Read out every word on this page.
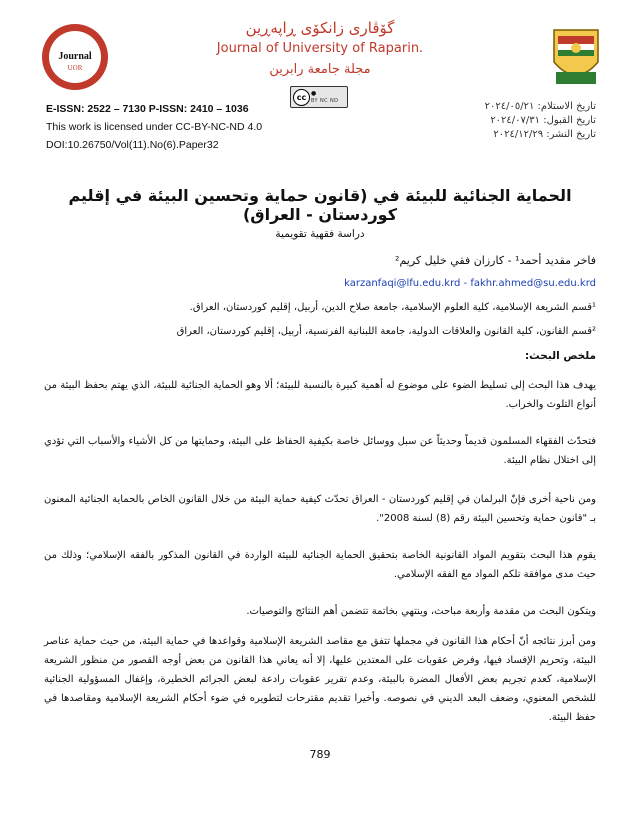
Journal
UOR
گۆڤاری زانكۆی ڕاپەڕین
Journal of University of Raparin.
مجلة جامعة رابرين
cc ●
BY NC ND
E-ISSN: 2522 – 7130 P-ISSN: 2410 – 1036
This work is licensed under CC-BY-NC-ND 4.0
DOI:10.26750/Vol(11).No(6).Paper32
تاريخ الاستلام: ٢٠٢٤/٠٥/٢١
تاريخ القبول: ٢٠٢٤/٠٧/٣١
تاريخ النشر: ٢٠٢٤/١٢/٢٩
الحماية الجنائية للبيئة في (قانون حماية وتحسين البيئة في إقليم كوردستان - العراق)
دراسة فقهية تقويمية
فاخر مقديد أحمد¹ - كارزان فقي خليل كريم²
karzanfaqi@lfu.edu.krd - fakhr.ahmed@su.edu.krd
¹قسم الشريعة الإسلامية، كلية العلوم الإسلامية، جامعة صلاح الدين، أربيل، إقليم كوردستان، العراق.
²قسم القانون، كلية القانون والعلاقات الدولية، جامعة اللبنانية الفرنسية، أربيل، إقليم كوردستان، العراق
ملخص البحث:
يهدف هذا البحث إلى تسليط الضوء على موضوع له أهمية كبيرة بالنسبة للبيئة؛ ألا وهو الحماية الجنائية للبيئة، الذي يهتم بحفظ البيئة من أنواع التلوث والخراب.
فتحدّث الفقهاء المسلمون قديماً وحديثاً عن سبل ووسائل خاصة بكيفية الحفاظ على البيئة، وحمايتها من كل الأشياء والأسباب التي تؤدي إلى اختلال نظام البيئة.
ومن ناحية أخرى فإنّ البرلمان في إقليم كوردستان - العراق تحدّث كيفية حماية البيئة من خلال القانون الخاص بالحماية الجنائية المعنون بـ "قانون حماية وتحسين البيئة رقم (8) لسنة 2008".
يقوم هذا البحث بتقويم المواد القانونية الخاصة بتحقيق الحماية الجنائية للبيئة الواردة في القانون المذكور بالفقه الإسلامي؛ وذلك من حيث مدى موافقة تلكم المواد مع الفقه الإسلامي.
ويتكون البحث من مقدمة وأربعة مباحث، وينتهي بخاتمة تتضمن أهم النتائج والتوصيات.
ومن أبرز نتائجه أنّ أحكام هذا القانون في مجملها تتفق مع مقاصد الشريعة الإسلامية وقواعدها في حماية البيئة، من حيث حماية عناصر البيئة، وتحريم الإفساد فيها، وفرض عقوبات على المعتدين عليها، إلا أنه يعاني هذا القانون من بعض أوجه القصور من منظور الشريعة الإسلامية، كعدم تجريم بعض الأفعال المضرة بالبيئة، وعدم تقرير عقوبات رادعة لبعض الجرائم الخطيرة، وإغفال المسؤولية الجنائية للشخص المعنوي، وضعف البعد الديني في نصوصه. وأخيرا تقديم مقترحات لتطويره في ضوء أحكام الشريعة الإسلامية ومقاصدها في حفظ البيئة.
789
